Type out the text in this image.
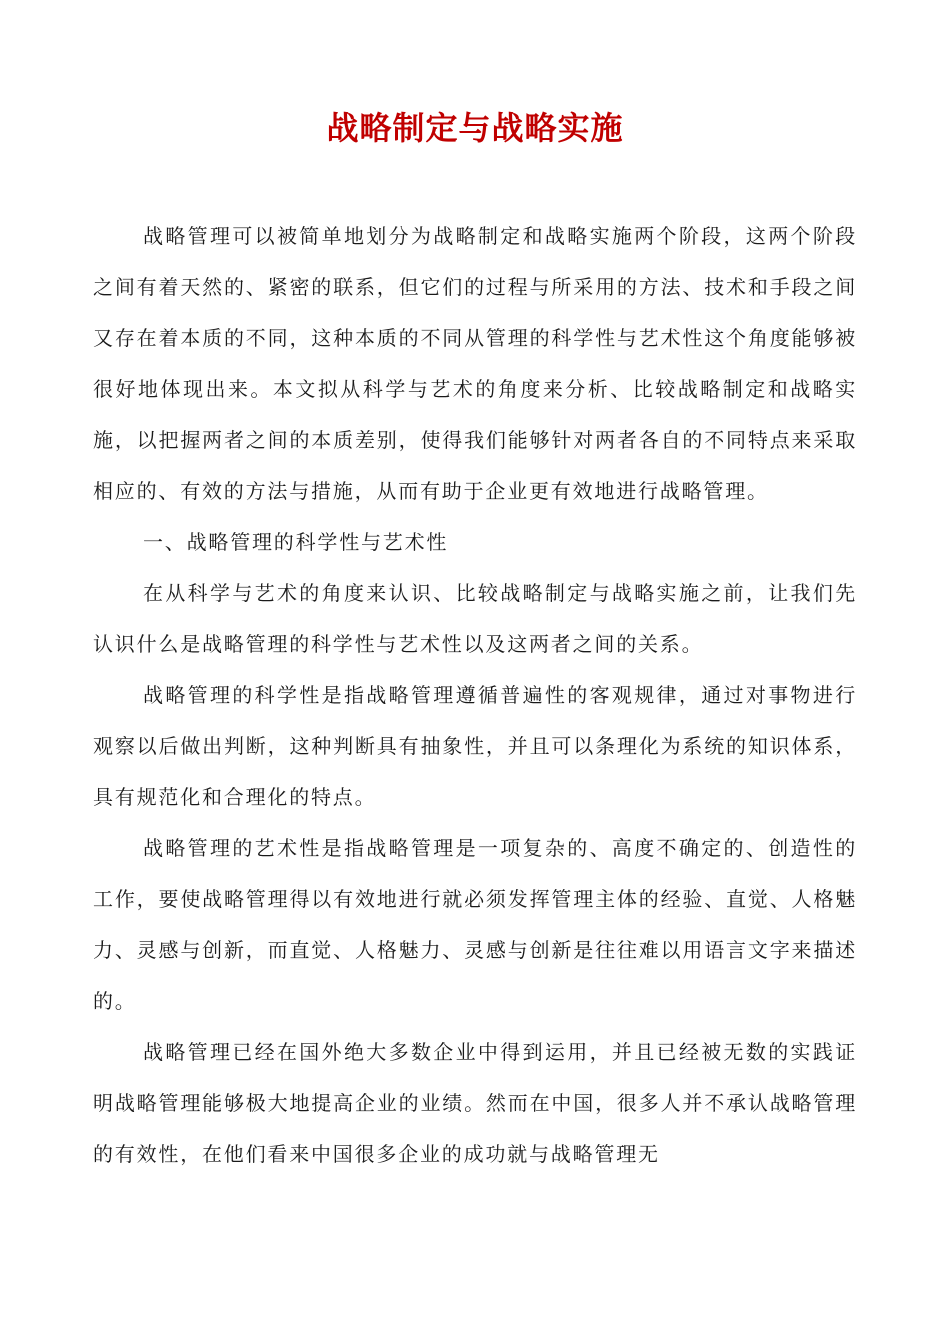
战略制定与战略实施

战略管理可以被简单地划分为战略制定和战略实施两个阶段，这两个阶段之间有着天然的、紧密的联系，但它们的过程与所采用的方法、技术和手段之间又存在着本质的不同，这种本质的不同从管理的科学性与艺术性这个角度能够被很好地体现出来。本文拟从科学与艺术的角度来分析、比较战略制定和战略实施，以把握两者之间的本质差别，使得我们能够针对两者各自的不同特点来采取相应的、有效的方法与措施，从而有助于企业更有效地进行战略管理。

一、战略管理的科学性与艺术性

在从科学与艺术的角度来认识、比较战略制定与战略实施之前，让我们先认识什么是战略管理的科学性与艺术性以及这两者之间的关系。

战略管理的科学性是指战略管理遵循普遍性的客观规律，通过对事物进行观察以后做出判断，这种判断具有抽象性，并且可以条理化为系统的知识体系，具有规范化和合理化的特点。

战略管理的艺术性是指战略管理是一项复杂的、高度不确定的、创造性的工作，要使战略管理得以有效地进行就必须发挥管理主体的经验、直觉、人格魅力、灵感与创新，而直觉、人格魅力、灵感与创新是往往难以用语言文字来描述的。

战略管理已经在国外绝大多数企业中得到运用，并且已经被无数的实践证明战略管理能够极大地提高企业的业绩。然而在中国，很多人并不承认战略管理的有效性，在他们看来中国很多企业的成功就与战略管理无
